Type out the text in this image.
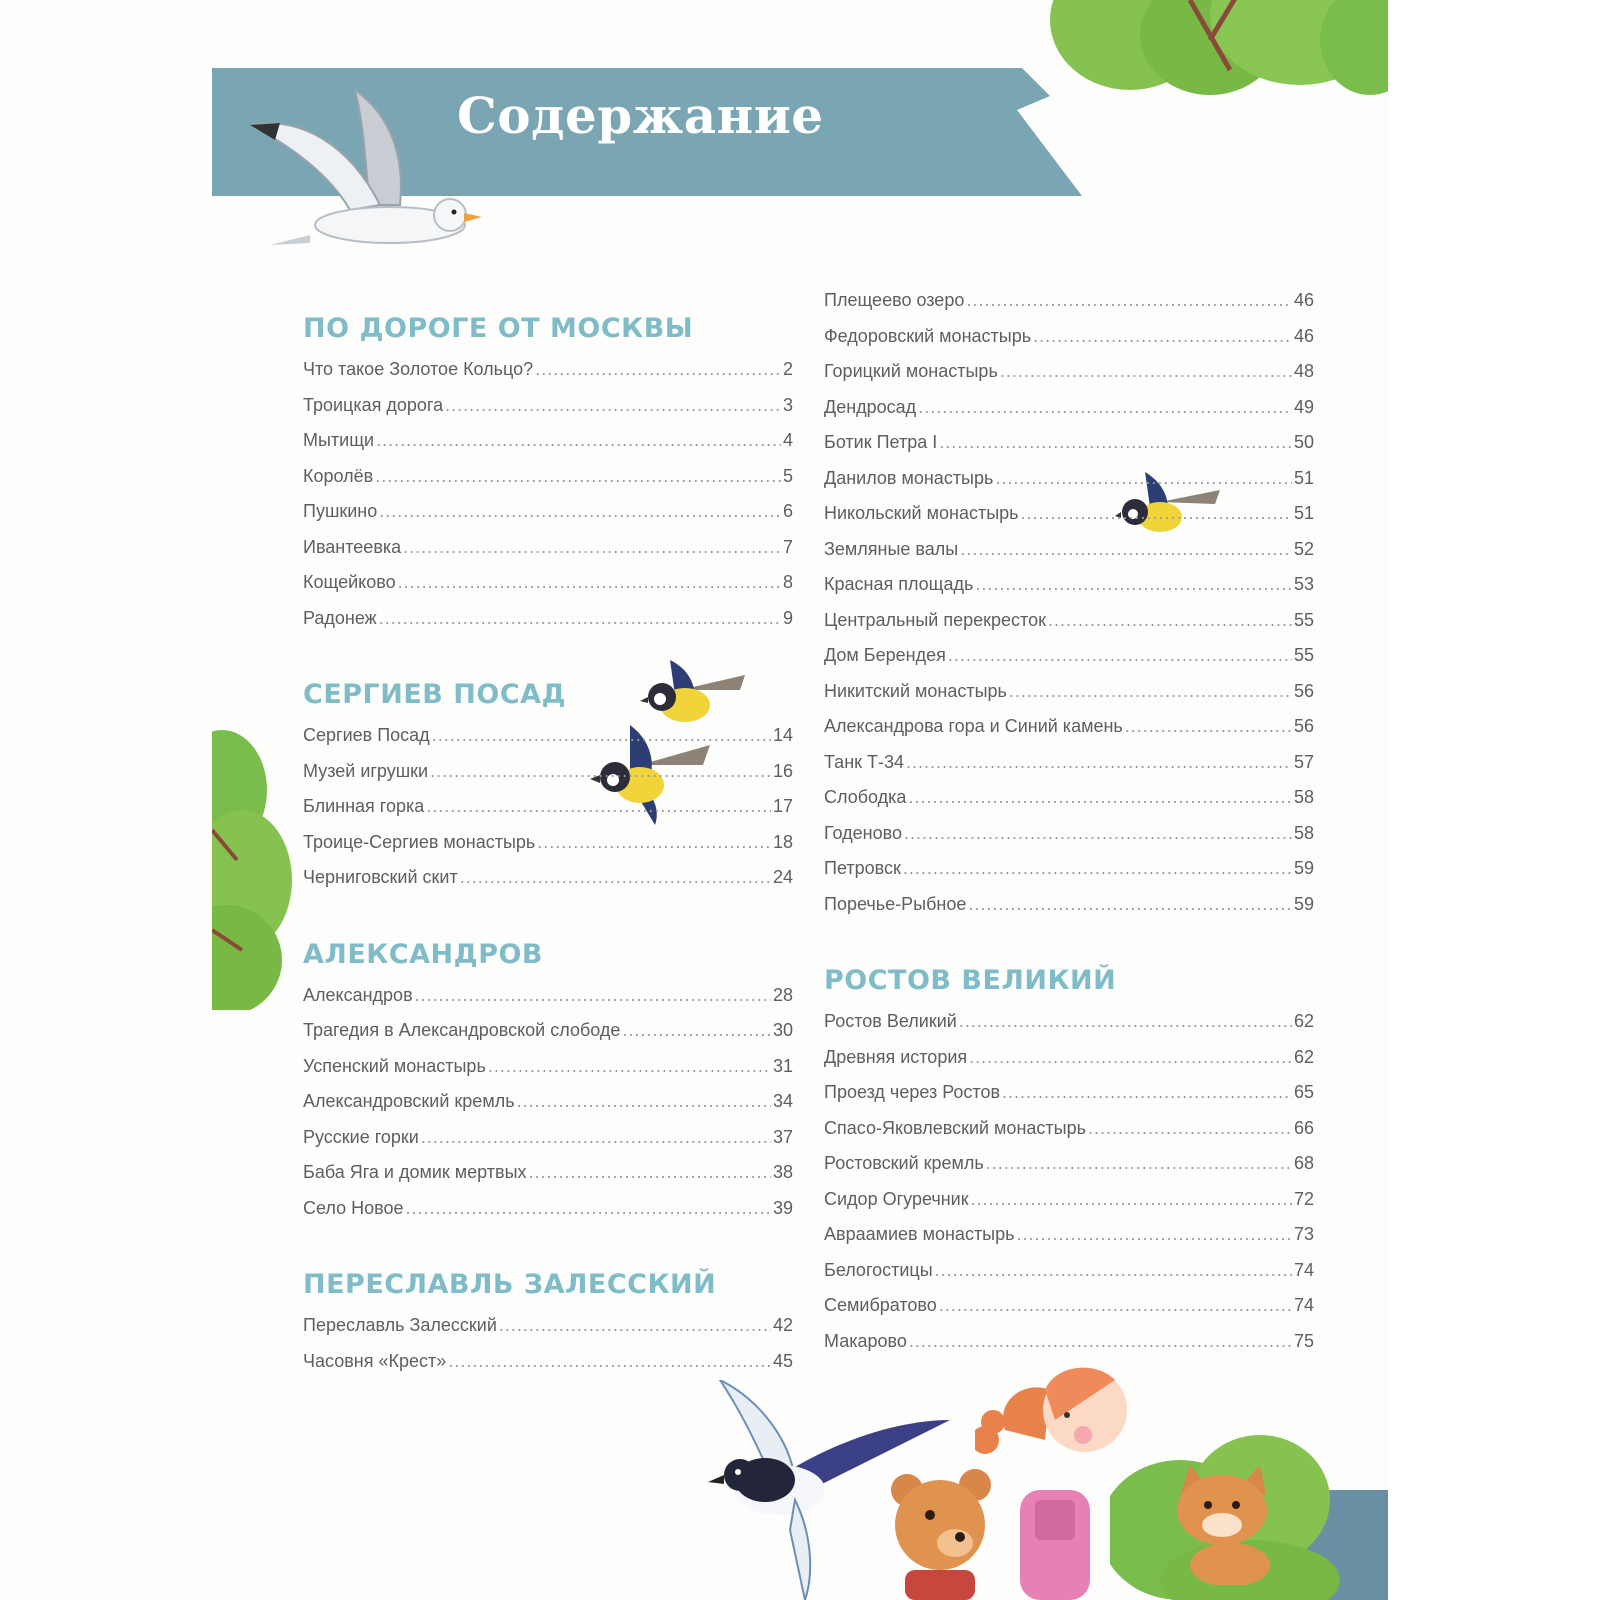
Содержание
ПО ДОРОГЕ ОТ МОСКВЫ
Что такое Золотое Кольцо? .....	2
Троицкая дорога .....	3
Мытищи .....	4
Королёв .....	5
Пушкино .....	6
Ивантеевка .....	7
Кощейково .....	8
Радонеж .....	9
СЕРГИЕВ ПОСАД
Сергиев Посад .....	14
Музей игрушки .....	16
Блинная горка .....	17
Троице-Сергиев монастырь .....	18
Черниговский скит .....	24
АЛЕКСАНДРОВ
Александров .....	28
Трагедия в Александровской слободе .....	30
Успенский монастырь .....	31
Александровский кремль .....	34
Русские горки .....	37
Баба Яга и домик мертвых .....	38
Село Новое .....	39
ПЕРЕСЛАВЛЬ ЗАЛЕССКИЙ
Переславль Залесский .....	42
Часовня «Крест» .....	45
Плещеево озеро .....	46
Федоровский монастырь .....	46
Горицкий монастырь .....	48
Дендросад .....	49
Ботик Петра I .....	50
Данилов монастырь .....	51
Никольский монастырь .....	51
Земляные валы .....	52
Красная площадь .....	53
Центральный перекресток .....	55
Дом Берендея .....	55
Никитский монастырь .....	56
Александрова гора и Синий камень .....	56
Танк Т-34 .....	57
Слободка .....	58
Годеново .....	58
Петровск .....	59
Поречье-Рыбное .....	59
РОСТОВ ВЕЛИКИЙ
Ростов Великий .....	62
Древняя история .....	62
Проезд через Ростов .....	65
Спасо-Яковлевский монастырь .....	66
Ростовский кремль .....	68
Сидор Огуречник .....	72
Авраамиев монастырь .....	73
Белогостицы .....	74
Семибратово .....	74
Макарово .....	75
